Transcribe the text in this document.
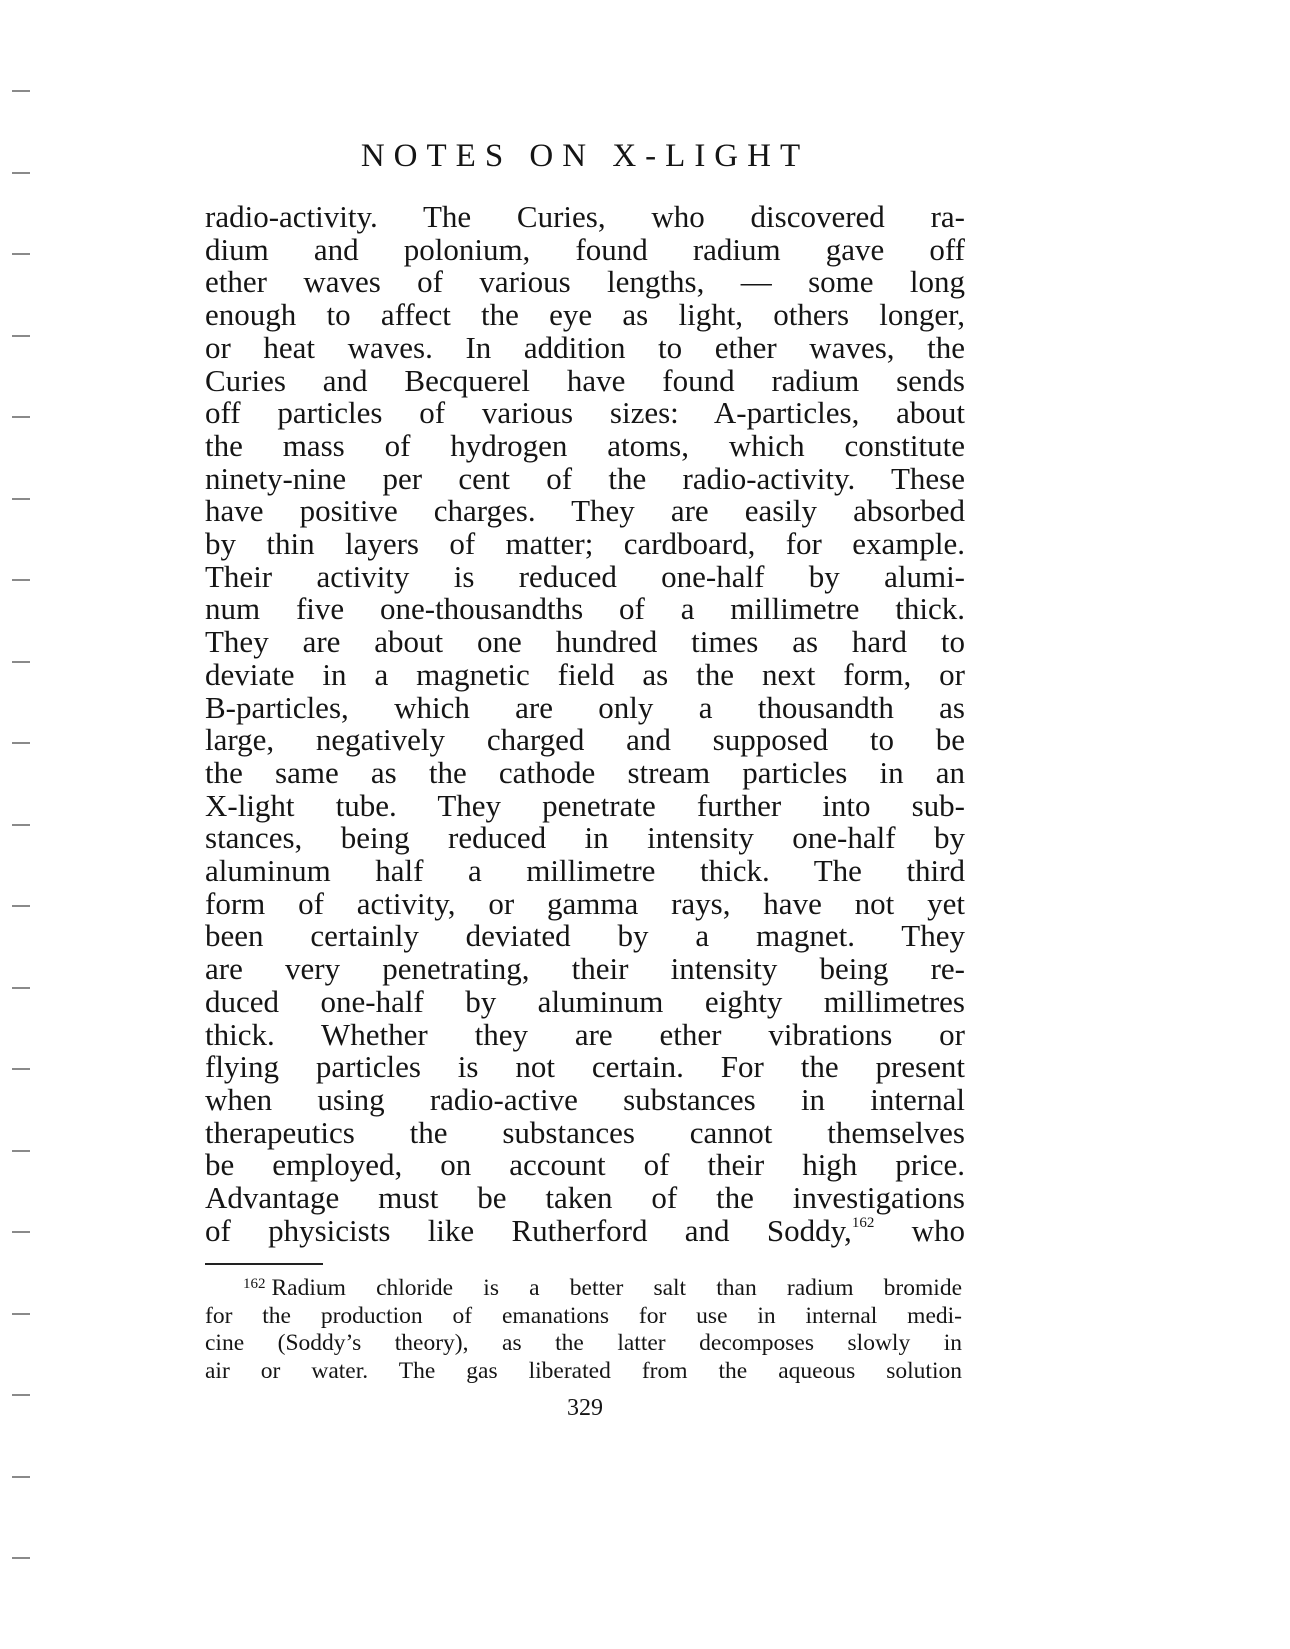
NOTES ON X-LIGHT
radio-activity. The Curies, who discovered ra-
dium and polonium, found radium gave off
ether waves of various lengths, — some long
enough to affect the eye as light, others longer,
or heat waves. In addition to ether waves, the
Curies and Becquerel have found radium sends
off particles of various sizes: A-particles, about
the mass of hydrogen atoms, which constitute
ninety-nine per cent of the radio-activity. These
have positive charges. They are easily absorbed
by thin layers of matter; cardboard, for example.
Their activity is reduced one-half by alumi-
num five one-thousandths of a millimetre thick.
They are about one hundred times as hard to
deviate in a magnetic field as the next form, or
B-particles, which are only a thousandth as
large, negatively charged and supposed to be
the same as the cathode stream particles in an
X-light tube. They penetrate further into sub-
stances, being reduced in intensity one-half by
aluminum half a millimetre thick. The third
form of activity, or gamma rays, have not yet
been certainly deviated by a magnet. They
are very penetrating, their intensity being re-
duced one-half by aluminum eighty millimetres
thick. Whether they are ether vibrations or
flying particles is not certain. For the present
when using radio-active substances in internal
therapeutics the substances cannot themselves
be employed, on account of their high price.
Advantage must be taken of the investigations
of physicists like Rutherford and Soddy,$^{162}$ who
$^{162}$ Radium chloride is a better salt than radium bromide
for the production of emanations for use in internal medi-
cine (Soddy’s theory), as the latter decomposes slowly in
air or water. The gas liberated from the aqueous solution
329
